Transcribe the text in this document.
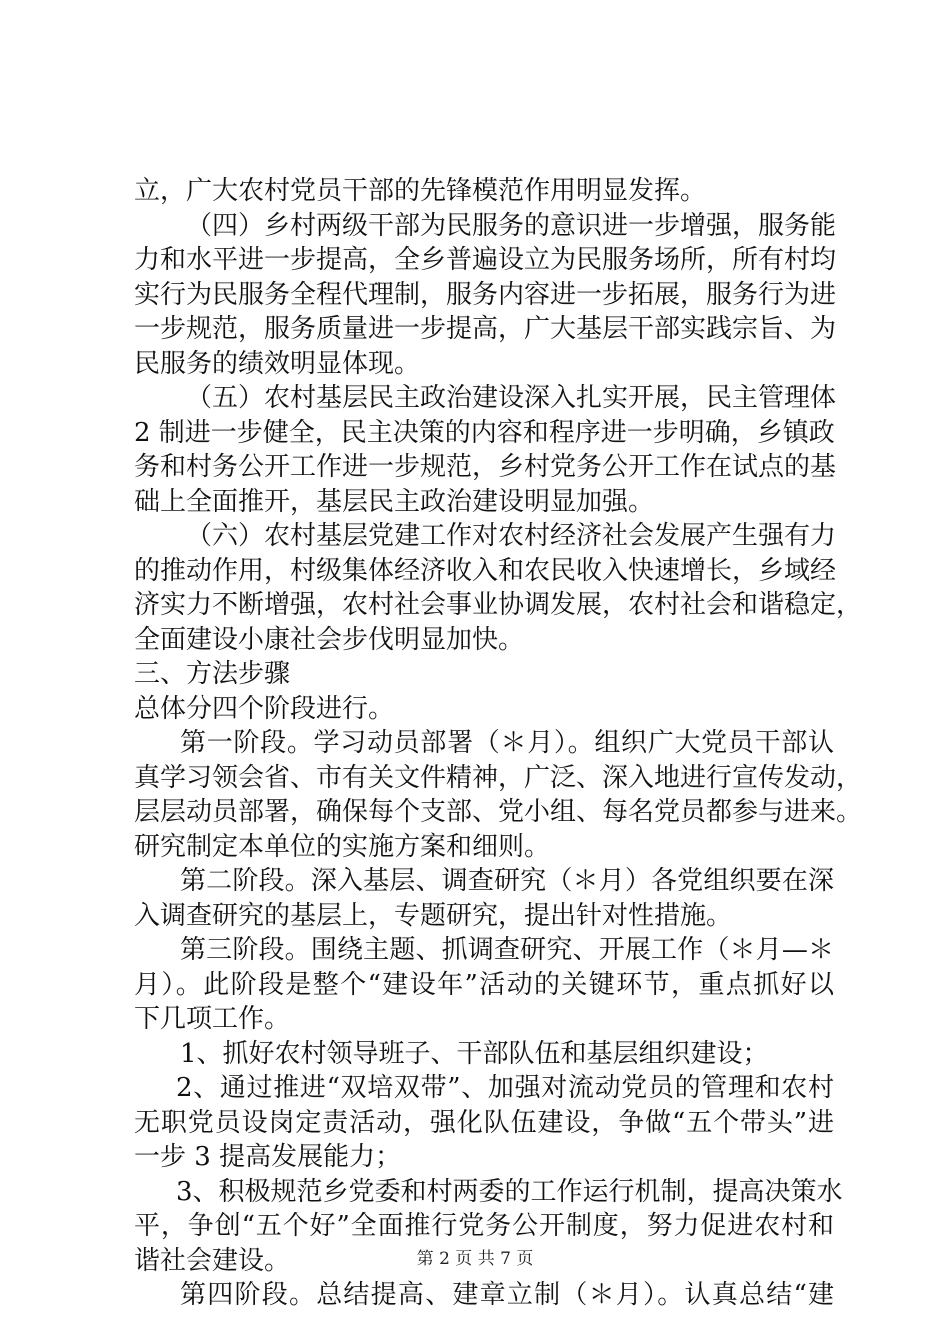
立，广大农村党员干部的先锋模范作用明显发挥。
（四）乡村两级干部为民服务的意识进一步增强，服务能
力和水平进一步提高，全乡普遍设立为民服务场所，所有村均
实行为民服务全程代理制，服务内容进一步拓展，服务行为进
一步规范，服务质量进一步提高，广大基层干部实践宗旨、为
民服务的绩效明显体现。
（五）农村基层民主政治建设深入扎实开展，民主管理体
2 制进一步健全，民主决策的内容和程序进一步明确，乡镇政
务和村务公开工作进一步规范，乡村党务公开工作在试点的基
础上全面推开，基层民主政治建设明显加强。
（六）农村基层党建工作对农村经济社会发展产生强有力
的推动作用，村级集体经济收入和农民收入快速增长，乡域经
济实力不断增强，农村社会事业协调发展，农村社会和谐稳定，
全面建设小康社会步伐明显加快。
三、方法步骤
总体分四个阶段进行。
第一阶段。学习动员部署（＊月）。组织广大党员干部认
真学习领会省、市有关文件精神，广泛、深入地进行宣传发动，
层层动员部署，确保每个支部、党小组、每名党员都参与进来。
研究制定本单位的实施方案和细则。
第二阶段。深入基层、调查研究（＊月）各党组织要在深
入调查研究的基层上，专题研究，提出针对性措施。
第三阶段。围绕主题、抓调查研究、开展工作（＊月—＊
月）。此阶段是整个“建设年”活动的关键环节，重点抓好以
下几项工作。
1、抓好农村领导班子、干部队伍和基层组织建设；
2、通过推进“双培双带”、加强对流动党员的管理和农村
无职党员设岗定责活动，强化队伍建设，争做“五个带头”进
一步 3 提高发展能力；
3、积极规范乡党委和村两委的工作运行机制，提高决策水
平，争创“五个好”全面推行党务公开制度，努力促进农村和
谐社会建设。
第四阶段。总结提高、建章立制（＊月）。认真总结“建
第 2 页 共 7 页
